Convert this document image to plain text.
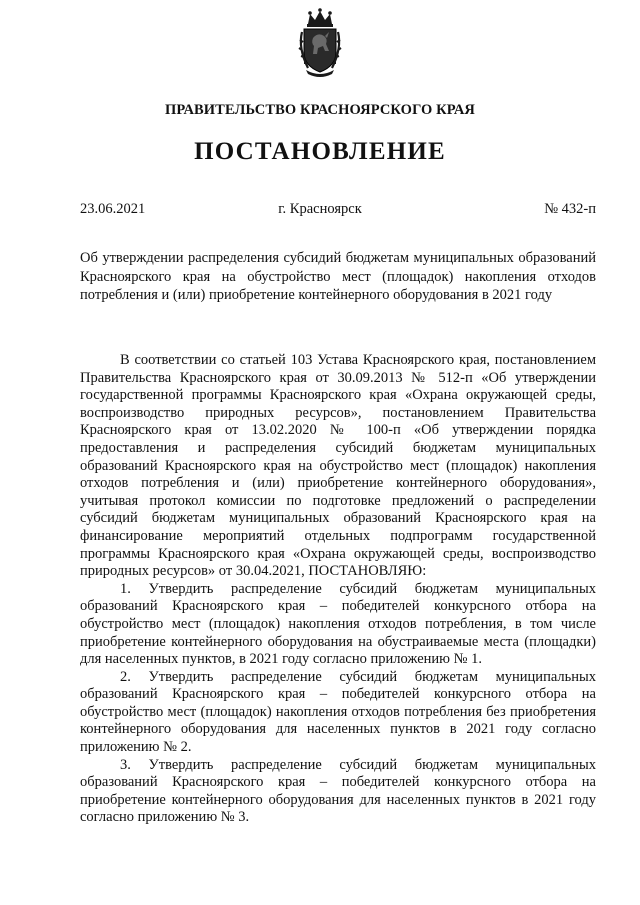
ПРАВИТЕЛЬСТВО КРАСНОЯРСКОГО КРАЯ
ПОСТАНОВЛЕНИЕ
23.06.2021	г. Красноярск	№ 432-п
Об утверждении распределения субсидий бюджетам муниципальных образований Красноярского края на обустройство мест (площадок) накопления отходов потребления и (или) приобретение контейнерного оборудования в 2021 году

В соответствии со статьей 103 Устава Красноярского края, постановлением Правительства Красноярского края от 30.09.2013 № 512-п «Об утверждении государственной программы Красноярского края «Охрана окружающей среды, воспроизводство природных ресурсов», постановлением Правительства Красноярского края от 13.02.2020 № 100-п «Об утверждении порядка предоставления и распределения субсидий бюджетам муниципальных образований Красноярского края на обустройство мест (площадок) накопления отходов потребления и (или) приобретение контейнерного оборудования», учитывая протокол комиссии по подготовке предложений о распределении субсидий бюджетам муниципальных образований Красноярского края на финансирование мероприятий отдельных подпрограмм государственной программы Красноярского края «Охрана окружающей среды, воспроизводство природных ресурсов» от 30.04.2021, ПОСТАНОВЛЯЮ:

1. Утвердить распределение субсидий бюджетам муниципальных образований Красноярского края – победителей конкурсного отбора на обустройство мест (площадок) накопления отходов потребления, в том числе приобретение контейнерного оборудования на обустраиваемые места (площадки) для населенных пунктов, в 2021 году согласно приложению № 1.

2. Утвердить распределение субсидий бюджетам муниципальных образований Красноярского края – победителей конкурсного отбора на обустройство мест (площадок) накопления отходов потребления без приобретения контейнерного оборудования для населенных пунктов в 2021 году согласно приложению № 2.

3. Утвердить распределение субсидий бюджетам муниципальных образований Красноярского края – победителей конкурсного отбора на приобретение контейнерного оборудования для населенных пунктов в 2021 году согласно приложению № 3.
